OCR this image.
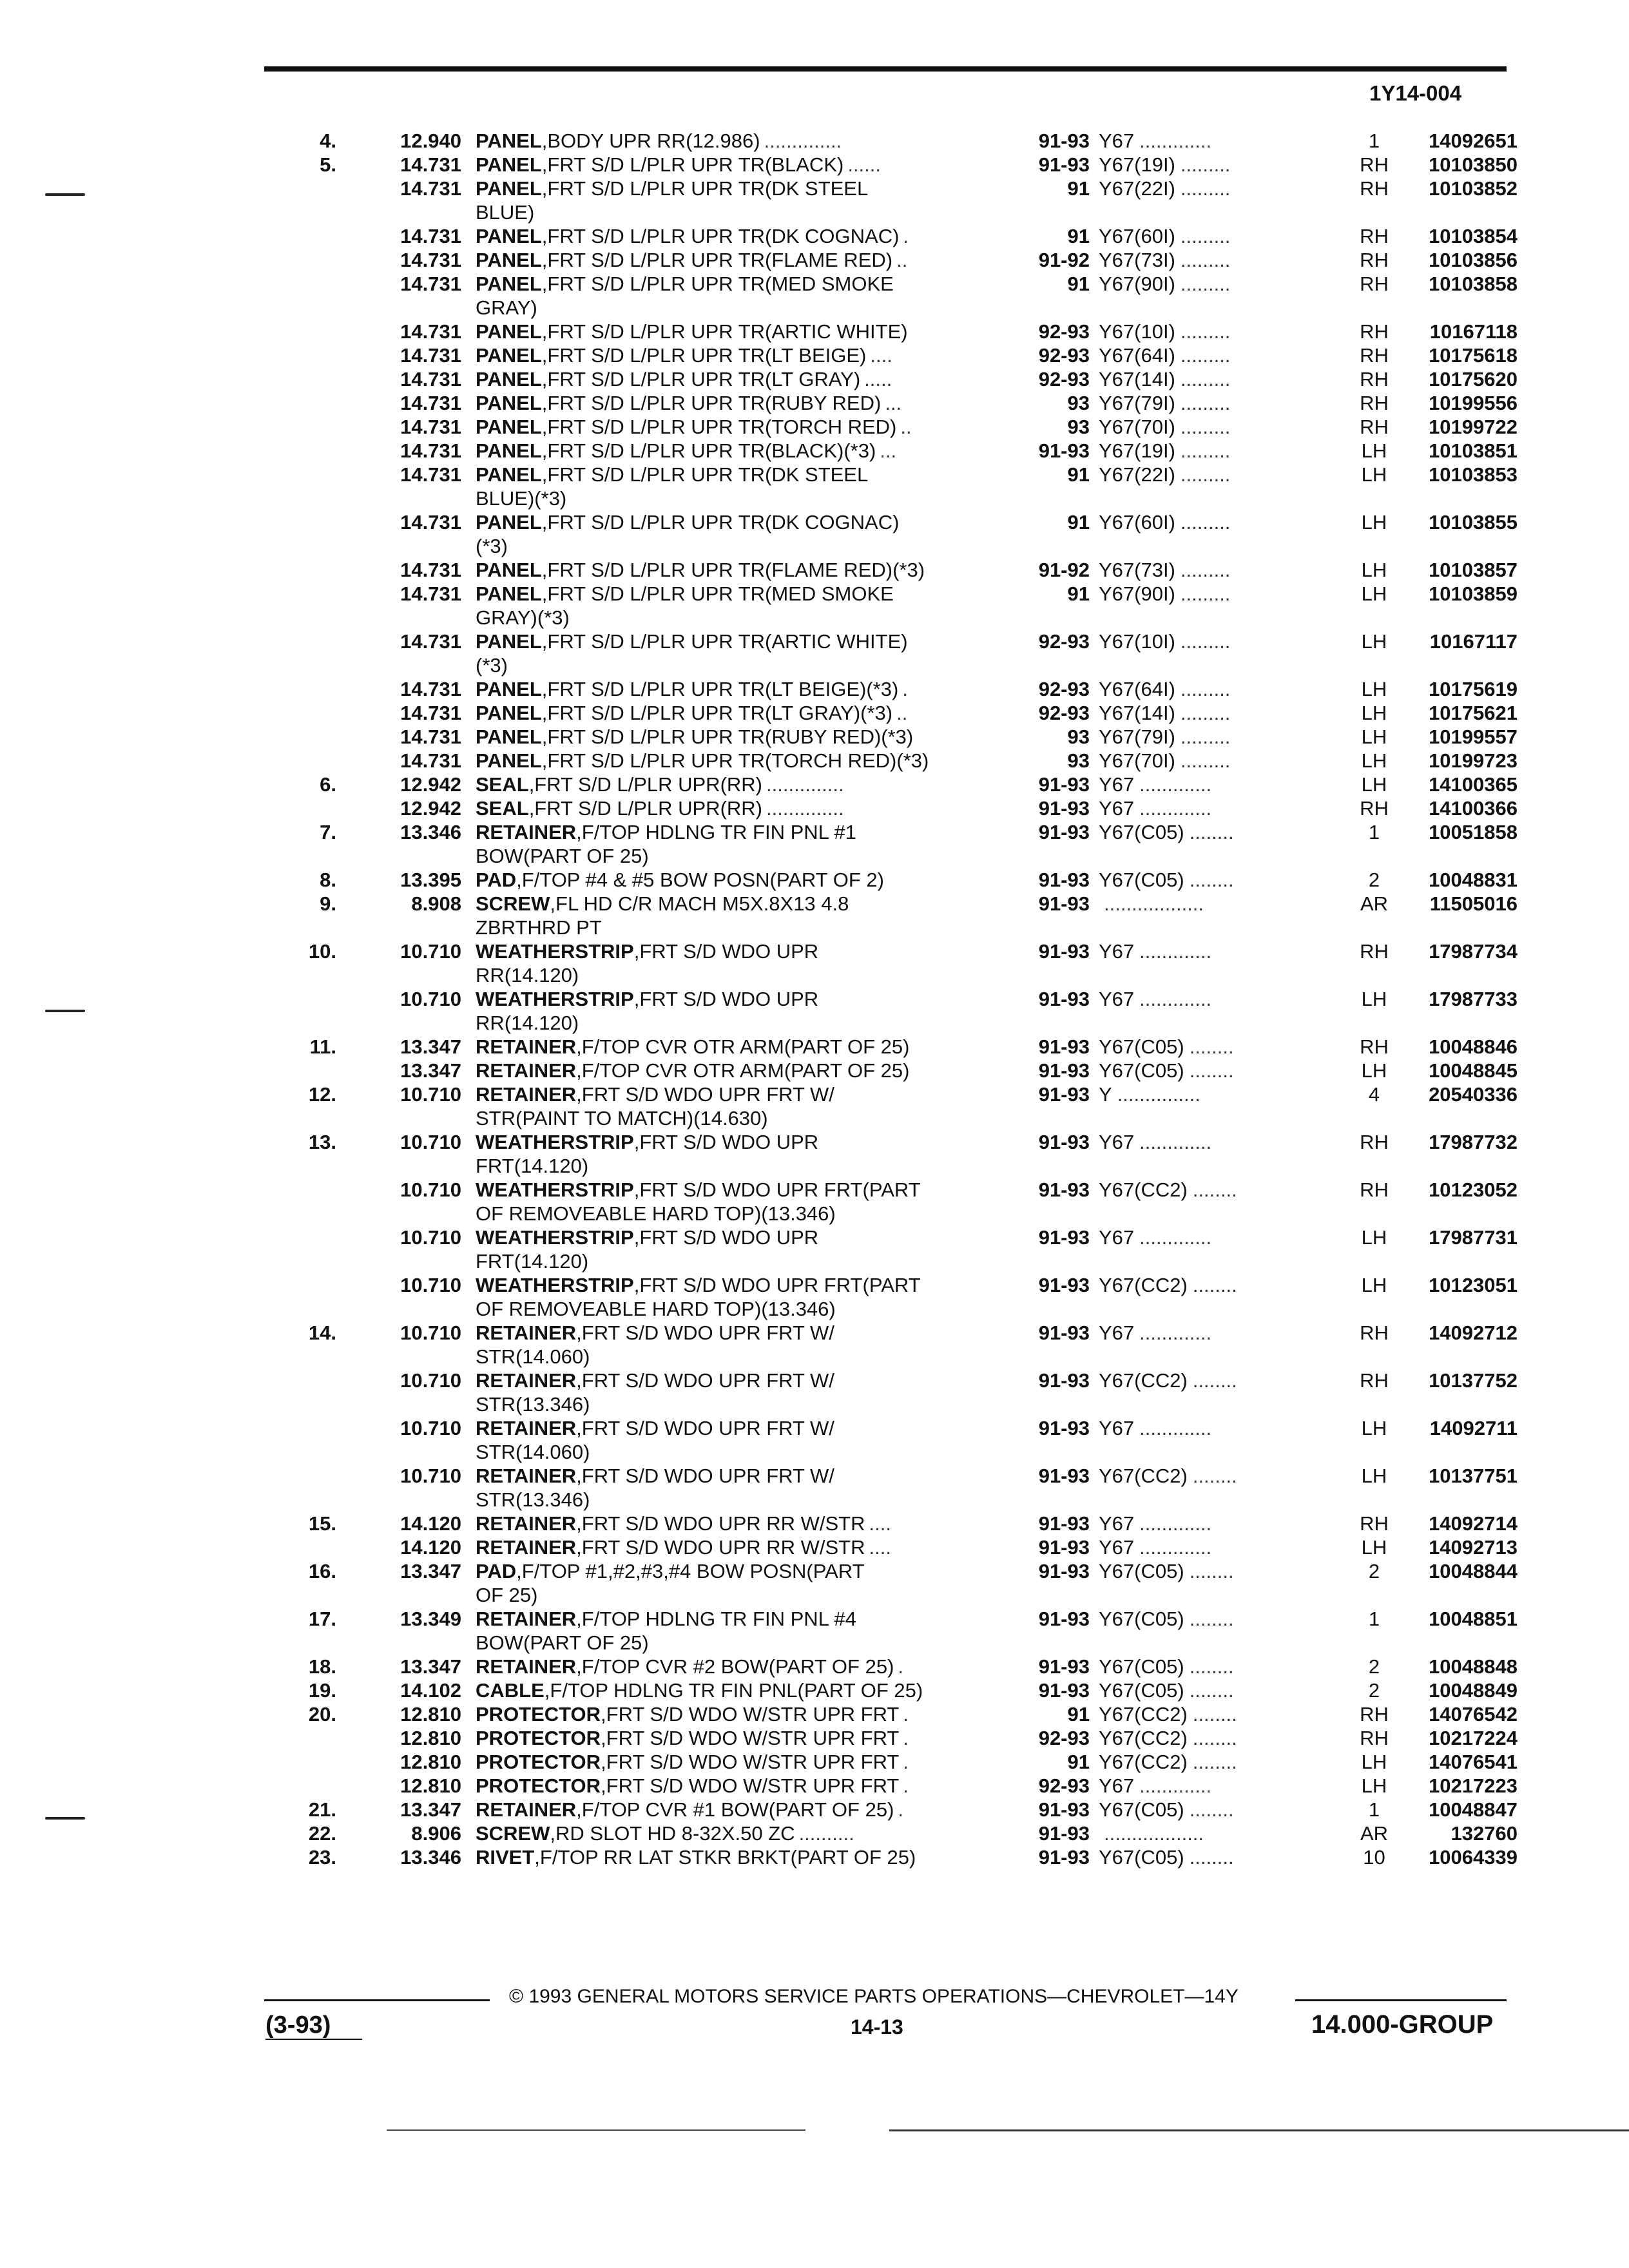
1Y14-004
4.	12.940 PANEL ,BODY UPR RR(12.986) ..............	91-93 Y67 .............	1	14092651
5.	14.731 PANEL ,FRT S/D L/PLR UPR TR(BLACK) ......	91-93 Y67(19I) .........	RH	10103850
14.731 PANEL ,FRT S/D L/PLR UPR TR(DK STEEL
BLUE)
91 Y67(22I) .........	RH	10103852
14.731 PANEL ,FRT S/D L/PLR UPR TR(DK COGNAC) .	91 Y67(60I) .........	RH	10103854
14.731 PANEL ,FRT S/D L/PLR UPR TR(FLAME RED) ..	91-92 Y67(73I) .........	RH	10103856
14.731 PANEL ,FRT S/D L/PLR UPR TR(MED SMOKE
GRAY)
91 Y67(90I) .........	RH	10103858
14.731 PANEL ,FRT S/D L/PLR UPR TR(ARTIC WHITE)	92-93 Y67(10I) .........	RH	10167118
14.731 PANEL ,FRT S/D L/PLR UPR TR(LT BEIGE) ....	92-93 Y67(64I) .........	RH	10175618
14.731 PANEL ,FRT S/D L/PLR UPR TR(LT GRAY) .....	92-93 Y67(14I) .........	RH	10175620
14.731 PANEL ,FRT S/D L/PLR UPR TR(RUBY RED) ...	93 Y67(79I) .........	RH	10199556
14.731 PANEL ,FRT S/D L/PLR UPR TR(TORCH RED) ..	93 Y67(70I) .........	RH	10199722
14.731 PANEL ,FRT S/D L/PLR UPR TR(BLACK)(*3) ...	91-93 Y67(19I) .........	LH	10103851
14.731 PANEL ,FRT S/D L/PLR UPR TR(DK STEEL
BLUE)(*3)
91 Y67(22I) .........	LH	10103853
14.731 PANEL ,FRT S/D L/PLR UPR TR(DK COGNAC)
(*3)
91 Y67(60I) .........	LH	10103855
14.731 PANEL ,FRT S/D L/PLR UPR TR(FLAME RED)(*3)	91-92 Y67(73I) .........	LH	10103857
14.731 PANEL ,FRT S/D L/PLR UPR TR(MED SMOKE
GRAY)(*3)
91 Y67(90I) .........	LH	10103859
14.731 PANEL ,FRT S/D L/PLR UPR TR(ARTIC WHITE)
(*3)
92-93 Y67(10I) .........	LH	10167117
14.731 PANEL ,FRT S/D L/PLR UPR TR(LT BEIGE)(*3) .	92-93 Y67(64I) .........	LH	10175619
14.731 PANEL ,FRT S/D L/PLR UPR TR(LT GRAY)(*3) ..	92-93 Y67(14I) .........	LH	10175621
14.731 PANEL ,FRT S/D L/PLR UPR TR(RUBY RED)(*3)	93 Y67(79I) .........	LH	10199557
14.731 PANEL ,FRT S/D L/PLR UPR TR(TORCH RED)(*3)	93 Y67(70I) .........	LH	10199723
6.	12.942 SEAL ,FRT S/D L/PLR UPR(RR) ..............	91-93 Y67 .............	LH	14100365
12.942 SEAL ,FRT S/D L/PLR UPR(RR) ..............	91-93 Y67 .............	RH	14100366
7.	13.346 RETAINER ,F/TOP HDLNG TR FIN PNL #1
BOW(PART OF 25)
91-93 Y67(C05) ........	1	10051858
8.	13.395 PAD ,F/TOP #4 & #5 BOW POSN(PART OF 2)	91-93 Y67(C05) ........	2	10048831
9.	8.908 SCREW ,FL HD C/R MACH M5X.8X13 4.8
ZBRTHRD PT
91-93 ..................	AR	11505016
10.	10.710 WEATHERSTRIP ,FRT S/D WDO UPR
RR(14.120)
91-93 Y67 .............	RH	17987734
10.710 WEATHERSTRIP ,FRT S/D WDO UPR
RR(14.120)
91-93 Y67 .............	LH	17987733
11.	13.347 RETAINER ,F/TOP CVR OTR ARM(PART OF 25)	91-93 Y67(C05) ........	RH	10048846
13.347 RETAINER ,F/TOP CVR OTR ARM(PART OF 25)	91-93 Y67(C05) ........	LH	10048845
12.	10.710 RETAINER ,FRT S/D WDO UPR FRT W/
STR(PAINT TO MATCH)(14.630)
91-93 Y ...............	4	20540336
13.	10.710 WEATHERSTRIP ,FRT S/D WDO UPR
FRT(14.120)
91-93 Y67 .............	RH	17987732
10.710 WEATHERSTRIP ,FRT S/D WDO UPR FRT(PART
OF REMOVEABLE HARD TOP)(13.346)
91-93 Y67(CC2) ........	RH	10123052
10.710 WEATHERSTRIP ,FRT S/D WDO UPR
FRT(14.120)
91-93 Y67 .............	LH	17987731
10.710 WEATHERSTRIP ,FRT S/D WDO UPR FRT(PART
OF REMOVEABLE HARD TOP)(13.346)
91-93 Y67(CC2) ........	LH	10123051
14.	10.710 RETAINER ,FRT S/D WDO UPR FRT W/
STR(14.060)
91-93 Y67 .............	RH	14092712
10.710 RETAINER ,FRT S/D WDO UPR FRT W/
STR(13.346)
91-93 Y67(CC2) ........	RH	10137752
10.710 RETAINER ,FRT S/D WDO UPR FRT W/
STR(14.060)
91-93 Y67 .............	LH	14092711
10.710 RETAINER ,FRT S/D WDO UPR FRT W/
STR(13.346)
91-93 Y67(CC2) ........	LH	10137751
15.	14.120 RETAINER ,FRT S/D WDO UPR RR W/STR ....	91-93 Y67 .............	RH	14092714
14.120 RETAINER ,FRT S/D WDO UPR RR W/STR ....	91-93 Y67 .............	LH	14092713
16.	13.347 PAD ,F/TOP #1,#2,#3,#4 BOW POSN(PART
OF 25)
91-93 Y67(C05) ........	2	10048844
17.	13.349 RETAINER ,F/TOP HDLNG TR FIN PNL #4
BOW(PART OF 25)
91-93 Y67(C05) ........	1	10048851
18.	13.347 RETAINER ,F/TOP CVR #2 BOW(PART OF 25) .	91-93 Y67(C05) ........	2	10048848
19.	14.102 CABLE ,F/TOP HDLNG TR FIN PNL(PART OF 25)	91-93 Y67(C05) ........	2	10048849
20.	12.810 PROTECTOR ,FRT S/D WDO W/STR UPR FRT .	91 Y67(CC2) ........	RH	14076542
12.810 PROTECTOR ,FRT S/D WDO W/STR UPR FRT .	92-93 Y67(CC2) ........	RH	10217224
12.810 PROTECTOR ,FRT S/D WDO W/STR UPR FRT .	91 Y67(CC2) ........	LH	14076541
12.810 PROTECTOR ,FRT S/D WDO W/STR UPR FRT .	92-93 Y67 .............	LH	10217223
21.	13.347 RETAINER ,F/TOP CVR #1 BOW(PART OF 25) .	91-93 Y67(C05) ........	1	10048847
22.	8.906 SCREW ,RD SLOT HD 8-32X.50 ZC ..........	91-93 ..................	AR	132760
23.	13.346 RIVET ,F/TOP RR LAT STKR BRKT(PART OF 25)	91-93 Y67(C05) ........	10	10064339
© 1993 GENERAL MOTORS SERVICE PARTS OPERATIONS—CHEVROLET—14Y
(3-93)	14-13	14.000-GROUP
